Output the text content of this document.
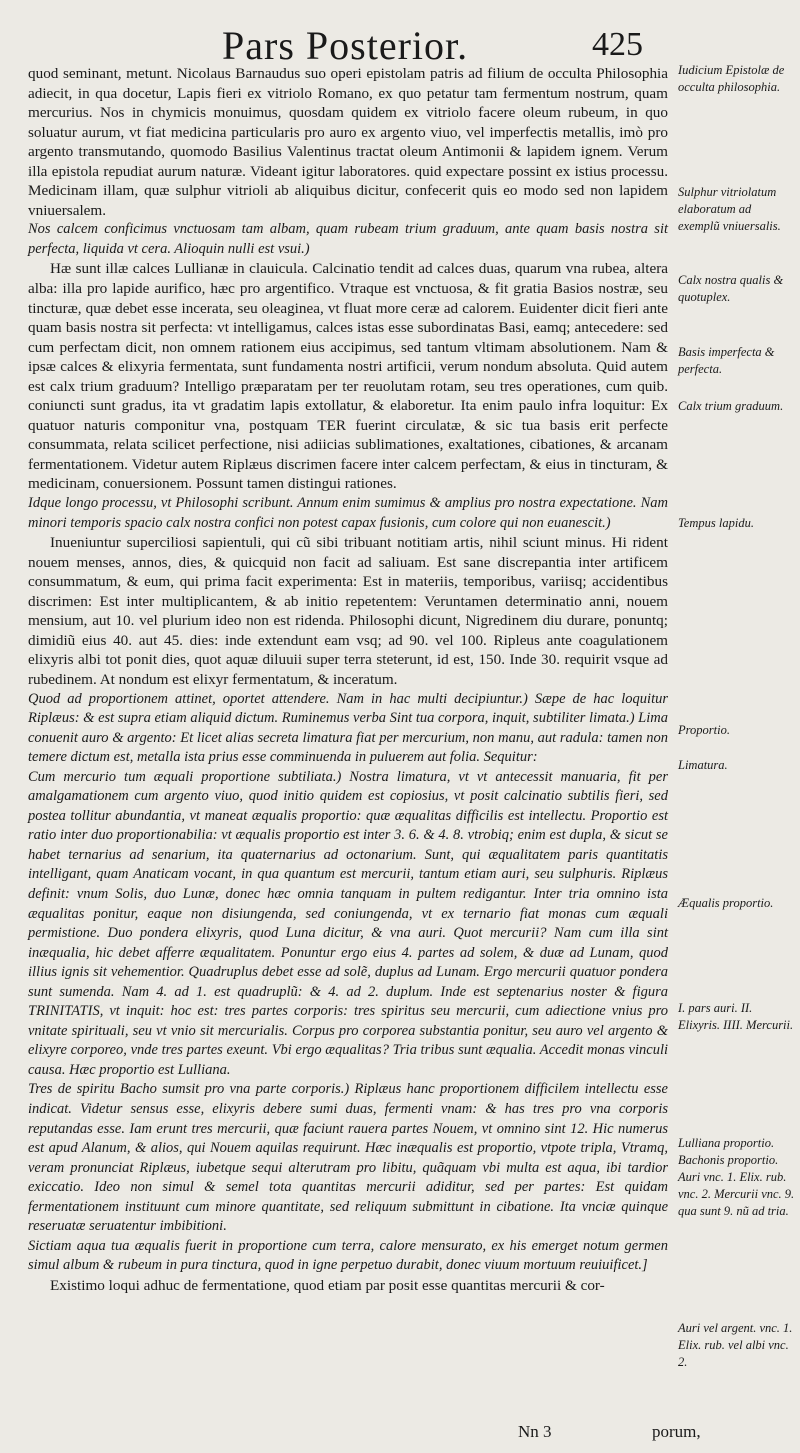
Pars Posterior.	425

quod seminant, metunt. Nicolaus Barnaudus suo operi epistolam patris ad filium de occulta Philosophia adiecit, in qua docetur, Lapis fieri ex vitriolo Romano, ex quo petatur tam fermentum nostrum, quam mercurius. Nos in chymicis monuimus, quosdam quidem ex vitriolo facere oleum rubeum, in quo soluatur aurum, vt fiat medicina particularis pro auro ex argento viuo, vel imperfectis metallis, imò pro argento transmutando, quomodo Basilius Valentinus tractat oleum Antimonii & lapidem ignem. Verum illa epistola repudiat aurum naturæ. Videant igitur laboratores. quid expectare possint ex istius processu. Medicinam illam, quæ sulphur vitrioli ab aliquibus dicitur, confecerit quis eo modo sed non lapidem vniuersalem.

Nos calcem conficimus vnctuosam tam albam, quam rubeam trium graduum, ante quam basis nostra sit perfecta, liquida vt cera. Alioquin nulli est vsui.)

Hæ sunt illæ calces Lullianæ in clauicula. Calcinatio tendit ad calces duas, quarum vna rubea, altera alba: illa pro lapide aurifico, hæc pro argentifico. Vtraque est vnctuosa, & fit gratia Basios nostræ, seu tincturæ, quæ debet esse incerata, seu oleaginea, vt fluat more ceræ ad calorem. Euidenter dicit fieri ante quam basis nostra sit perfecta: vt intelligamus, calces istas esse subordinatas Basi, eamq; antecedere: sed cum perfectam dicit, non omnem rationem eius accipimus, sed tantum vltimam absolutionem. Nam & ipsæ calces & elixyria fermentata, sunt fundamenta nostri artificii, verum nondum absoluta. Quid autem est calx trium graduum? Intelligo præparatam per ter reuolutam rotam, seu tres operationes, cum quib. coniuncti sunt gradus, ita vt gradatim lapis extollatur, & elaboretur. Ita enim paulo infra loquitur: Ex quatuor naturis componitur vna, postquam TER fuerint circulatæ, & sic tua basis erit perfecte consummata, relata scilicet perfectione, nisi adiicias sublimationes, exaltationes, cibationes, & arcanam fermentationem. Videtur autem Riplæus discrimen facere inter calcem perfectam, & eius in tincturam, & medicinam, conuersionem. Possunt tamen distingui rationes.

Idque longo processu, vt Philosophi scribunt. Annum enim sumimus & amplius pro nostra expectatione. Nam minori temporis spacio calx nostra confici non potest capax fusionis, cum colore qui non euanescit.)

Inueniuntur superciliosi sapientuli, qui cũ sibi tribuant notitiam artis, nihil sciunt minus. Hi rident nouem menses, annos, dies, & quicquid non facit ad saliuam. Est sane discrepantia inter artificem consummatum, & eum, qui prima facit experimenta: Est in materiis, temporibus, variisq; accidentibus discrimen: Est inter multiplicantem, & ab initio repetentem: Veruntamen determinatio anni, nouem mensium, aut 10. vel plurium ideo non est ridenda. Philosophi dicunt, Nigredinem diu durare, ponuntq; dimidiũ eius 40. aut 45. dies: inde extendunt eam vsq; ad 90. vel 100. Ripleus ante coagulationem elixyris albi tot ponit dies, quot aquæ diluuii super terra steterunt, id est, 150. Inde 30. requirit vsque ad rubedinem. At nondum est elixyr fermentatum, & inceratum.

Quod ad proportionem attinet, oportet attendere. Nam in hac multi decipiuntur.) Sæpe de hac loquitur Riplæus: & est supra etiam aliquid dictum. Ruminemus verba Sint tua corpora, inquit, subtiliter limata.) Lima conuenit auro & argento: Et licet alias secreta limatura fiat per mercurium, non manu, aut radula: tamen non temere dictum est, metalla ista prius esse comminuenda in puluerem aut folia. Sequitur:

Cum mercurio tum æquali proportione subtiliata.) Nostra limatura, vt vt antecessit manuaria, fit per amalgamationem cum argento viuo, quod initio quidem est copiosius, vt posit calcinatio subtilis fieri, sed postea tollitur abundantia, vt maneat æqualis proportio: quæ æqualitas difficilis est intellectu. Proportio est ratio inter duo proportionabilia: vt æqualis proportio est inter 3. 6. & 4. 8. vtrobiq; enim est dupla, & sicut se habet ternarius ad senarium, ita quaternarius ad octonarium. Sunt, qui æqualitatem paris quantitatis intelligant, quam Anaticam vocant, in qua quantum est mercurii, tantum etiam auri, seu sulphuris. Riplæus definit: vnum Solis, duo Lunæ, donec hæc omnia tanquam in pultem redigantur. Inter tria omnino ista æqualitas ponitur, eaque non disiungenda, sed coniungenda, vt ex ternario fiat monas cum æquali permistione. Duo pondera elixyris, quod Luna dicitur, & vna auri. Quot mercurii? Nam cum illa sint inæqualia, hic debet afferre æqualitatem. Ponuntur ergo eius 4. partes ad solem, & duæ ad Lunam, quod illius ignis sit vehementior. Quadruplus debet esse ad solẽ, duplus ad Lunam. Ergo mercurii quatuor pondera sunt sumenda. Nam 4. ad 1. est quadruplũ: & 4. ad 2. duplum. Inde est septenarius noster & figura TRINITATIS, vt inquit: hoc est: tres partes corporis: tres spiritus seu mercurii, cum adiectione vnius pro vnitate spirituali, seu vt vnio sit mercurialis. Corpus pro corporea substantia ponitur, seu auro vel argento & elixyre corporeo, vnde tres partes exeunt. Vbi ergo æqualitas? Tria tribus sunt æqualia. Accedit monas vinculi causa. Hæc proportio est Lulliana.

Tres de spiritu Bacho sumsit pro vna parte corporis.) Riplæus hanc proportionem difficilem intellectu esse indicat. Videtur sensus esse, elixyris debere sumi duas, fermenti vnam: & has tres pro vna corporis reputandas esse. Iam erunt tres mercurii, quæ faciunt rauera partes Nouem, vt omnino sint 12. Hic numerus est apud Alanum, & alios, qui Nouem aquilas requirunt. Hæc inæqualis est proportio, vtpote tripla, Vtramq, veram pronunciat Riplæus, iubetque sequi alterutram pro libitu, quãquam vbi multa est aqua, ibi tardior exiccatio. Ideo non simul & semel tota quantitas mercurii adiditur, sed per partes: Est quidam fermentationem instituunt cum minore quantitate, sed reliquum submittunt in cibatione. Ita vnciæ quinque reseruatæ seruatentur imbibitioni.

Sictiam aqua tua æqualis fuerit in proportione cum terra, calore mensurato, ex his emerget notum germen simul album & rubeum in pura tinctura, quod in igne perpetuo durabit, donec viuum mortuum reuiuificet.]

Existimo loqui adhuc de fermentatione, quod etiam par posit esse quantitas mercurii & cor-

Iudicium Epistolæ de occulta philosophia.
Sulphur vitriolatum elaboratum ad exemplũ vniuersalis.
Calx nostra qualis & quotuplex.
Basis imperfecta & perfecta.
Calx trium graduum.
Tempus lapidu.
Proportio.
Limatura.
Æqualis proportio.
I. pars auri. II. Elixyris. IIII. Mercurii.
Lulliana proportio. Bachonis proportio. Auri vnc. 1. Elix. rub. vnc. 2. Mercurii vnc. 9. qua sunt 9. nũ ad tria.
Auri vel argent. vnc. 1. Elix. rub. vel albi vnc. 2.
Nn 3	porum,
